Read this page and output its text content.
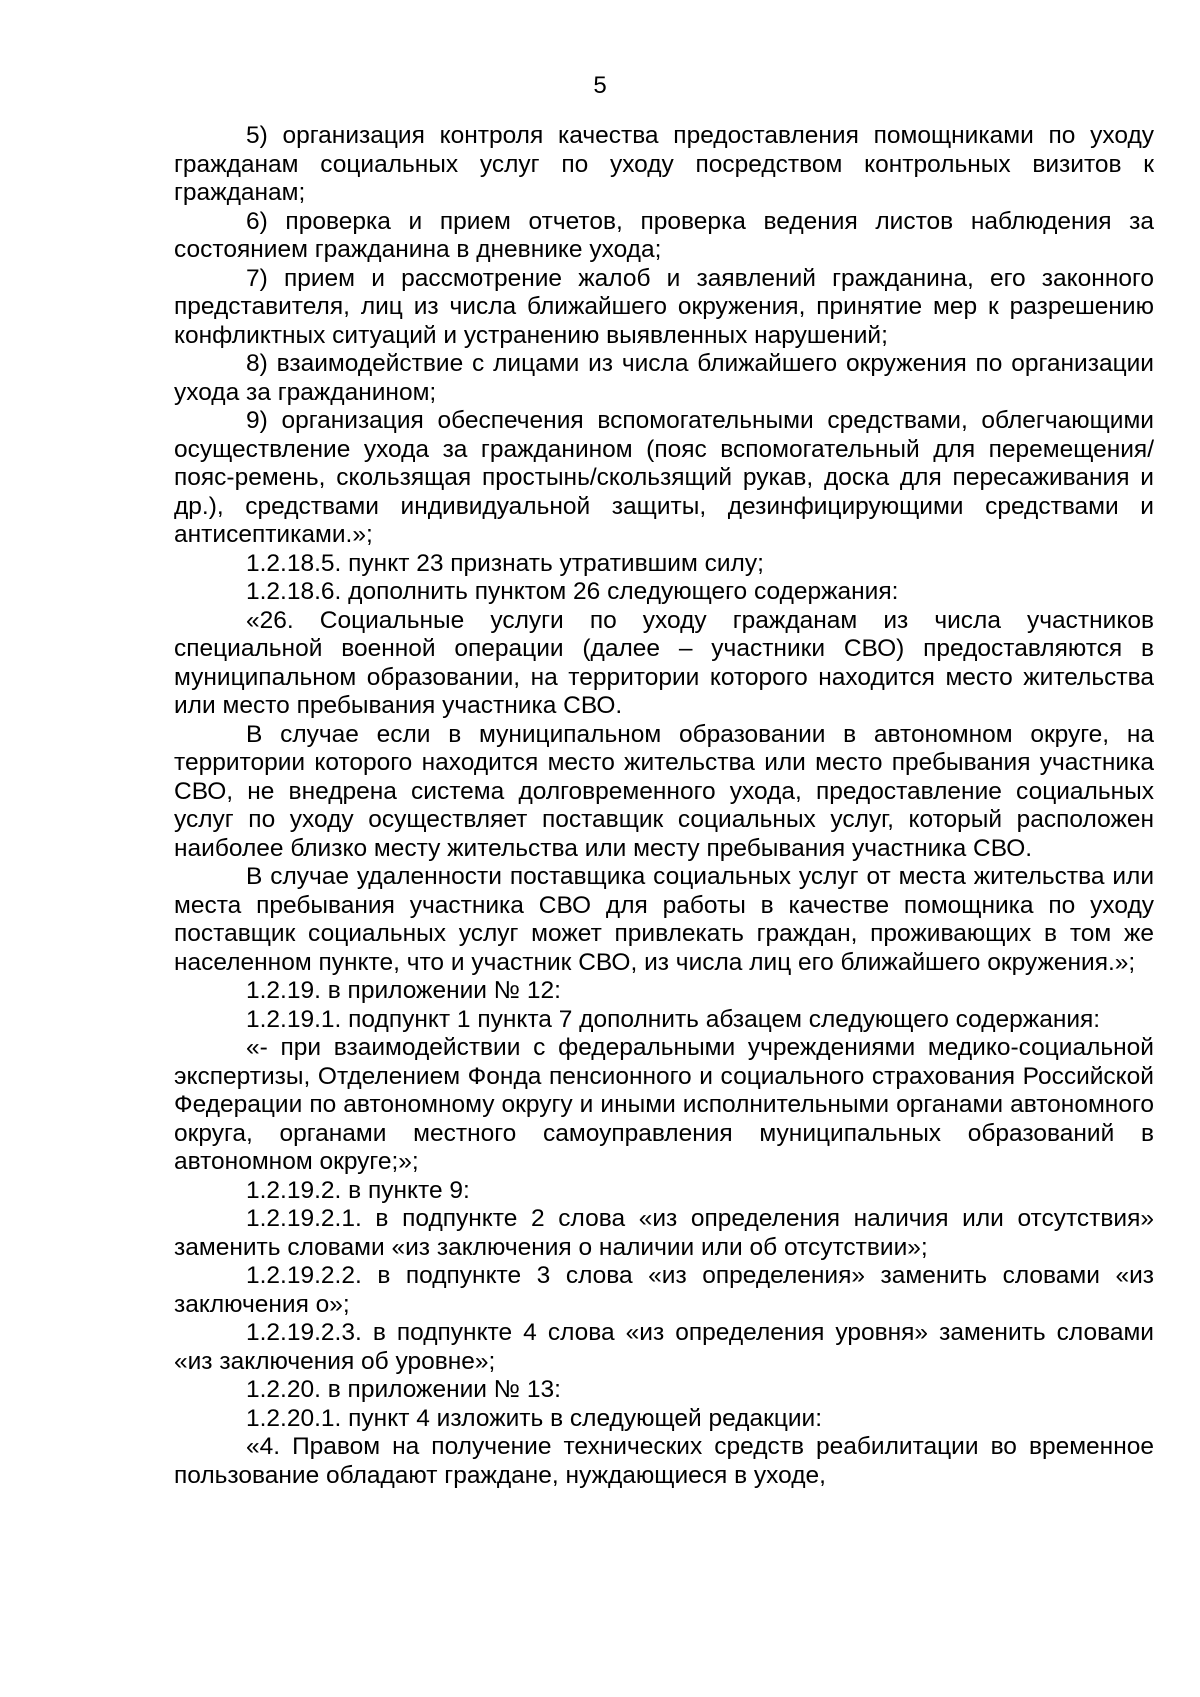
5

5) организация контроля качества предоставления помощниками по уходу гражданам социальных услуг по уходу посредством контрольных визитов к гражданам;

6) проверка и прием отчетов, проверка ведения листов наблюдения за состоянием гражданина в дневнике ухода;

7) прием и рассмотрение жалоб и заявлений гражданина, его законного представителя, лиц из числа ближайшего окружения, принятие мер к разрешению конфликтных ситуаций и устранению выявленных нарушений;

8) взаимодействие с лицами из числа ближайшего окружения по организации ухода за гражданином;

9) организация обеспечения вспомогательными средствами, облегчающими осуществление ухода за гражданином (пояс вспомогательный для перемещения/пояс-ремень, скользящая простынь/скользящий рукав, доска для пересаживания и др.), средствами индивидуальной защиты, дезинфицирующими средствами и антисептиками.»;

1.2.18.5. пункт 23 признать утратившим силу;

1.2.18.6. дополнить пунктом 26 следующего содержания:

«26. Социальные услуги по уходу гражданам из числа участников специальной военной операции (далее – участники СВО) предоставляются в муниципальном образовании, на территории которого находится место жительства или место пребывания участника СВО.

В случае если в муниципальном образовании в автономном округе, на территории которого находится место жительства или место пребывания участника СВО, не внедрена система долговременного ухода, предоставление социальных услуг по уходу осуществляет поставщик социальных услуг, который расположен наиболее близко месту жительства или месту пребывания участника СВО.

В случае удаленности поставщика социальных услуг от места жительства или места пребывания участника СВО для работы в качестве помощника по уходу поставщик социальных услуг может привлекать граждан, проживающих в том же населенном пункте, что и участник СВО, из числа лиц его ближайшего окружения.»;

1.2.19. в приложении № 12:

1.2.19.1. подпункт 1 пункта 7 дополнить абзацем следующего содержания:

«- при взаимодействии с федеральными учреждениями медико-социальной экспертизы, Отделением Фонда пенсионного и социального страхования Российской Федерации по автономному округу и иными исполнительными органами автономного округа, органами местного самоуправления муниципальных образований в автономном округе;»;

1.2.19.2. в пункте 9:

1.2.19.2.1. в подпункте 2 слова «из определения наличия или отсутствия» заменить словами «из заключения о наличии или об отсутствии»;

1.2.19.2.2. в подпункте 3 слова «из определения» заменить словами «из заключения о»;

1.2.19.2.3. в подпункте 4 слова «из определения уровня» заменить словами «из заключения об уровне»;

1.2.20. в приложении № 13:

1.2.20.1. пункт 4 изложить в следующей редакции:

«4. Правом на получение технических средств реабилитации во временное пользование обладают граждане, нуждающиеся в уходе,
